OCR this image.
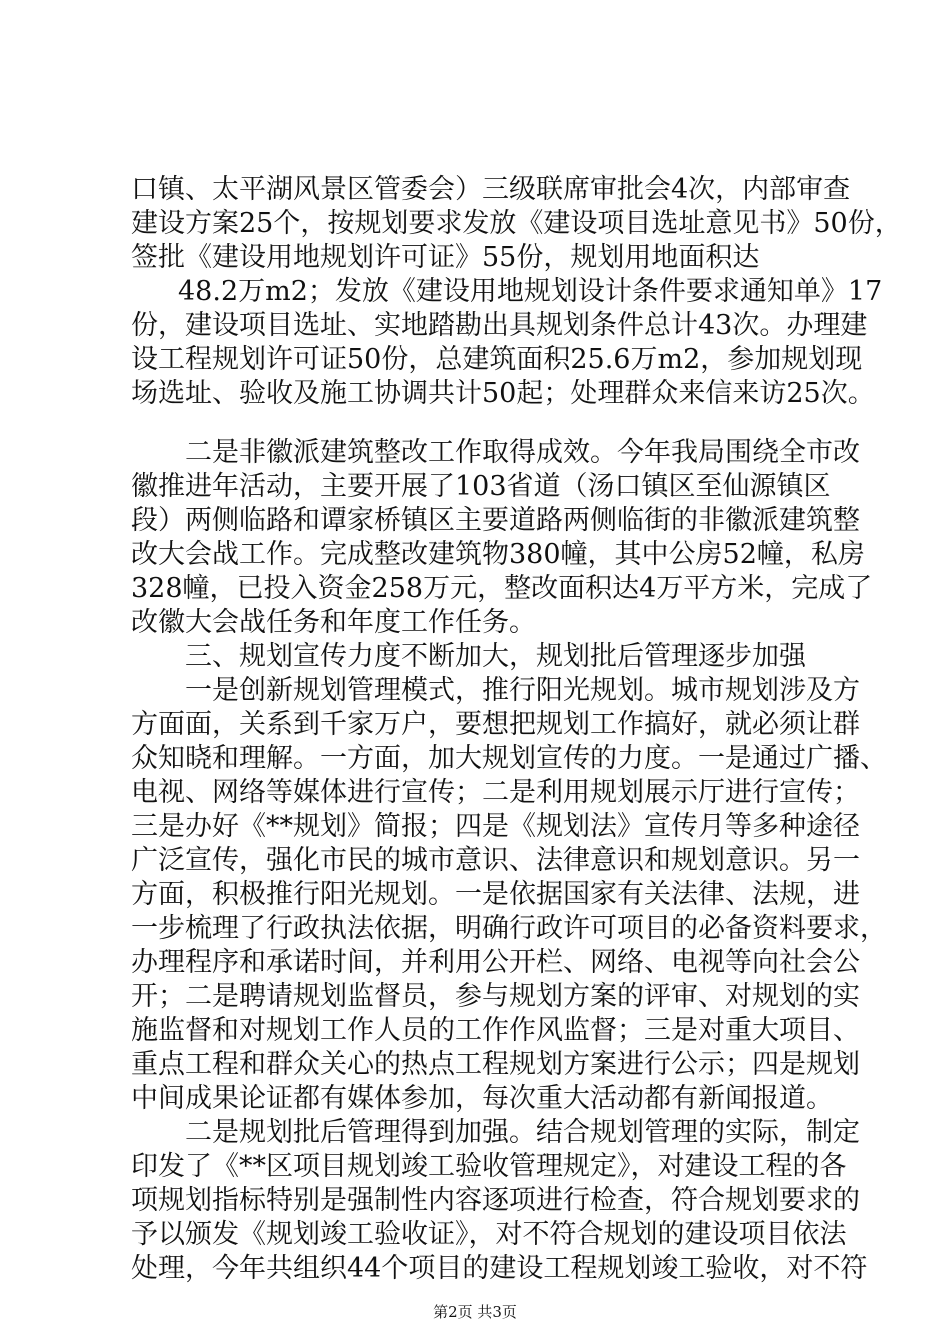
口镇、太平湖风景区管委会）三级联席审批会4次，内部审查
建设方案25个，按规划要求发放《建设项目选址意见书》50份，
签批《建设用地规划许可证》55份，规划用地面积达
48.2万m2；发放《建设用地规划设计条件要求通知单》17
份，建设项目选址、实地踏勘出具规划条件总计43次。办理建
设工程规划许可证50份，总建筑面积25.6万m2，参加规划现
场选址、验收及施工协调共计50起；处理群众来信来访25次。
二是非徽派建筑整改工作取得成效。今年我局围绕全市改
徽推进年活动，主要开展了103省道（汤口镇区至仙源镇区
段）两侧临路和谭家桥镇区主要道路两侧临街的非徽派建筑整
改大会战工作。完成整改建筑物380幢，其中公房52幢，私房
328幢，已投入资金258万元，整改面积达4万平方米，完成了
改徽大会战任务和年度工作任务。
三、规划宣传力度不断加大，规划批后管理逐步加强
一是创新规划管理模式，推行阳光规划。城市规划涉及方
方面面，关系到千家万户，要想把规划工作搞好，就必须让群
众知晓和理解。一方面，加大规划宣传的力度。一是通过广播、
电视、网络等媒体进行宣传；二是利用规划展示厅进行宣传；
三是办好《**规划》简报；四是《规划法》宣传月等多种途径
广泛宣传，强化市民的城市意识、法律意识和规划意识。另一
方面，积极推行阳光规划。一是依据国家有关法律、法规，进
一步梳理了行政执法依据，明确行政许可项目的必备资料要求，
办理程序和承诺时间，并利用公开栏、网络、电视等向社会公
开；二是聘请规划监督员，参与规划方案的评审、对规划的实
施监督和对规划工作人员的工作作风监督；三是对重大项目、
重点工程和群众关心的热点工程规划方案进行公示；四是规划
中间成果论证都有媒体参加，每次重大活动都有新闻报道。
二是规划批后管理得到加强。结合规划管理的实际，制定
印发了《**区项目规划竣工验收管理规定》，对建设工程的各
项规划指标特别是强制性内容逐项进行检查，符合规划要求的
予以颁发《规划竣工验收证》，对不符合规划的建设项目依法
处理，今年共组织44个项目的建设工程规划竣工验收，对不符
第2页 共3页
